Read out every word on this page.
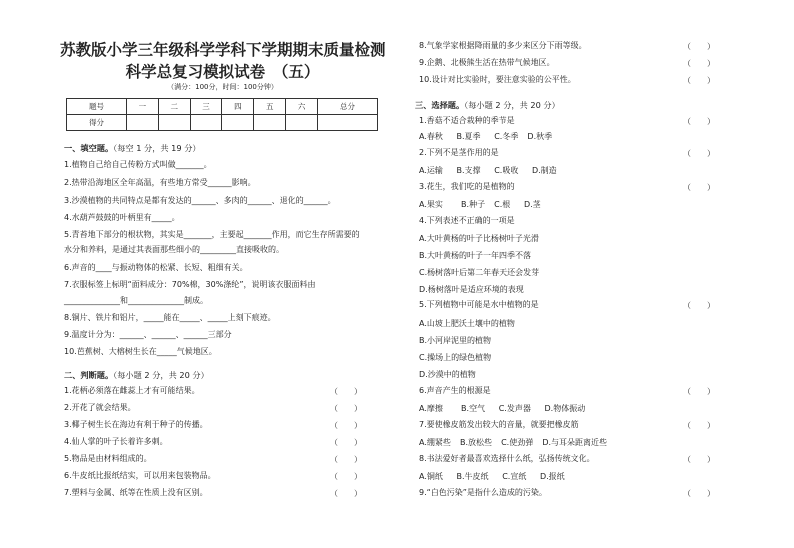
苏教版小学三年级科学学科下学期期末质量检测
科学总复习模拟试卷　（五）
（满分：100分，时间：100分钟）
题号	一	二	三	四	五	六	总分
得分							
一、填空题。（每空 1 分，共 19 分）
1.植物自己给自己传粉方式叫做_______。
2.热带沿海地区全年高温，有些地方常受______影响。
3.沙漠植物的共同特点是都有发达的______、多肉的______、退化的______。
4.水葫芦鼓鼓的叶柄里有_____。
5.青苔地下部分的根状物，其实是_______，主要起_______作用，而它生存所需要的
水分和养料，是通过其表面那些细小的_________直接吸收的。
6.声音的____与振动物体的松紧、长短、粗细有关。
7.衣服标签上标明“面料成分：70%棉，30%涤纶”，说明该衣服面料由
______________和______________制成。
8.铜片、铁片和铝片，_____能在_____、_____上刻下痕迹。
9.温度计分为：______、______、______三部分
10.芭蕉树、大榕树生长在_____气候地区。
二、判断题。（每小题 2 分，共 20 分）
1.花柄必须落在雌蕊上才有可能结果。	（　　）
2.开花了就会结果。	（　　）
3.椰子树生长在海边有利于种子的传播。	（　　）
4.仙人掌的叶子长着许多刺。	（　　）
5.物品是由材料组成的。	（　　）
6.牛皮纸比报纸结实，可以用来包装物品。	（　　）
7.塑料与金属、纸等在性质上没有区别。	（　　）
8.气象学家根据降雨量的多少来区分下雨等级。	（　　）
9.企鹅、北极熊生活在热带气候地区。	（　　）
10.设计对比实验时，要注意实验的公平性。	（　　）
三、选择题。（每小题 2 分，共 20 分）
1.香菇不适合栽种的季节是	（　　）
A.春秋 B.夏季 C.冬季 D.秋季
2.下列不是茎作用的是	（　　）
A.运输 B.支撑 C.吸收 D.制造
3.花生，我们吃的是植物的	（　　）
A.果实 B.种子 C.根 D.茎
4.下列表述不正确的一项是
A.大叶黄杨的叶子比杨树叶子光滑
B.大叶黄杨的叶子一年四季不落
C.杨树落叶后第二年春天还会发芽
D.杨树落叶是适应环境的表现
5.下列植物中可能是水中植物的是	（　　）
A.山坡上肥沃土壤中的植物
B.小河岸泥里的植物
C.操场上的绿色植物
D.沙漠中的植物
6.声音产生的根源是	（　　）
A.摩擦 B.空气 C.发声器 D.物体振动
7.要使橡皮筋发出较大的音量，就要把橡皮筋	（　　）
A.绷紧些 B.放松些 C.使劲弹 D.与耳朵距离近些
8.书法爱好者最喜欢选择什么纸，弘扬传统文化。	（　　）
A.铜纸 B.牛皮纸 C.宣纸 D.报纸
9.“白色污染”是指什么造成的污染。	（　　）
